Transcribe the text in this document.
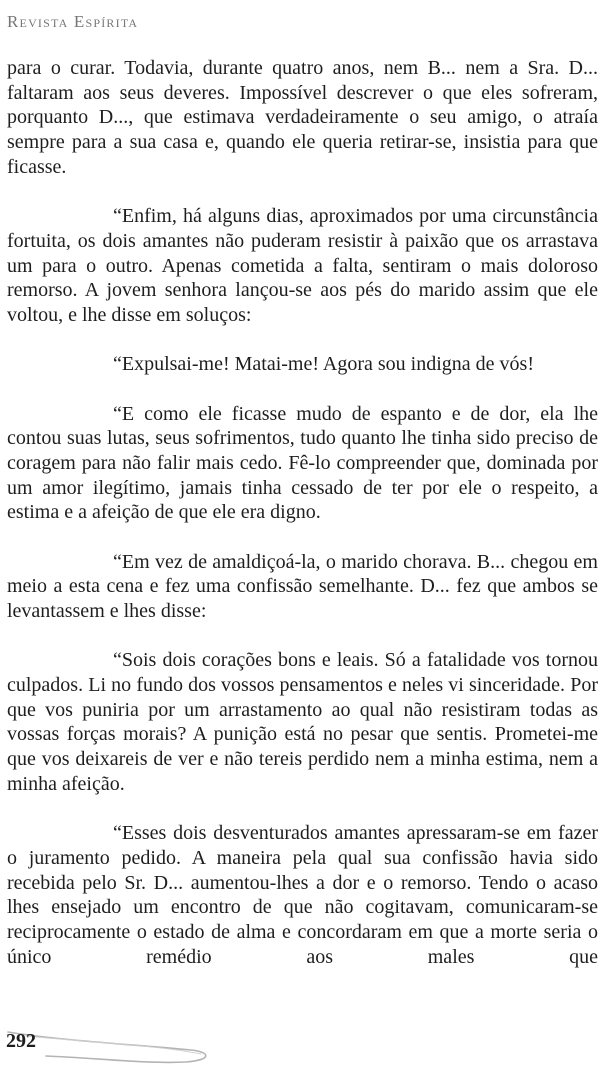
Revista Espírita

para o curar. Todavia, durante quatro anos, nem B... nem a Sra. D... faltaram aos seus deveres. Impossível descrever o que eles sofreram, porquanto D..., que estimava verdadeiramente o seu amigo, o atraía sempre para a sua casa e, quando ele queria retirar-se, insistia para que ficasse.

“Enfim, há alguns dias, aproximados por uma circunstância fortuita, os dois amantes não puderam resistir à paixão que os arrastava um para o outro. Apenas cometida a falta, sentiram o mais doloroso remorso. A jovem senhora lançou-se aos pés do marido assim que ele voltou, e lhe disse em soluços:

“Expulsai-me! Matai-me! Agora sou indigna de vós!

“E como ele ficasse mudo de espanto e de dor, ela lhe contou suas lutas, seus sofrimentos, tudo quanto lhe tinha sido preciso de coragem para não falir mais cedo. Fê-lo compreender que, dominada por um amor ilegítimo, jamais tinha cessado de ter por ele o respeito, a estima e a afeição de que ele era digno.

“Em vez de amaldiçoá-la, o marido chorava. B... chegou em meio a esta cena e fez uma confissão semelhante. D... fez que ambos se levantassem e lhes disse:

“Sois dois corações bons e leais. Só a fatalidade vos tornou culpados. Li no fundo dos vossos pensamentos e neles vi sinceridade. Por que vos puniria por um arrastamento ao qual não resistiram todas as vossas forças morais? A punição está no pesar que sentis. Prometei-me que vos deixareis de ver e não tereis perdido nem a minha estima, nem a minha afeição.

“Esses dois desventurados amantes apressaram-se em fazer o juramento pedido. A maneira pela qual sua confissão havia sido recebida pelo Sr. D... aumentou-lhes a dor e o remorso. Tendo o acaso lhes ensejado um encontro de que não cogitavam, comunicaram-se reciprocamente o estado de alma e concordaram em que a morte seria o único remédio aos males que

292
